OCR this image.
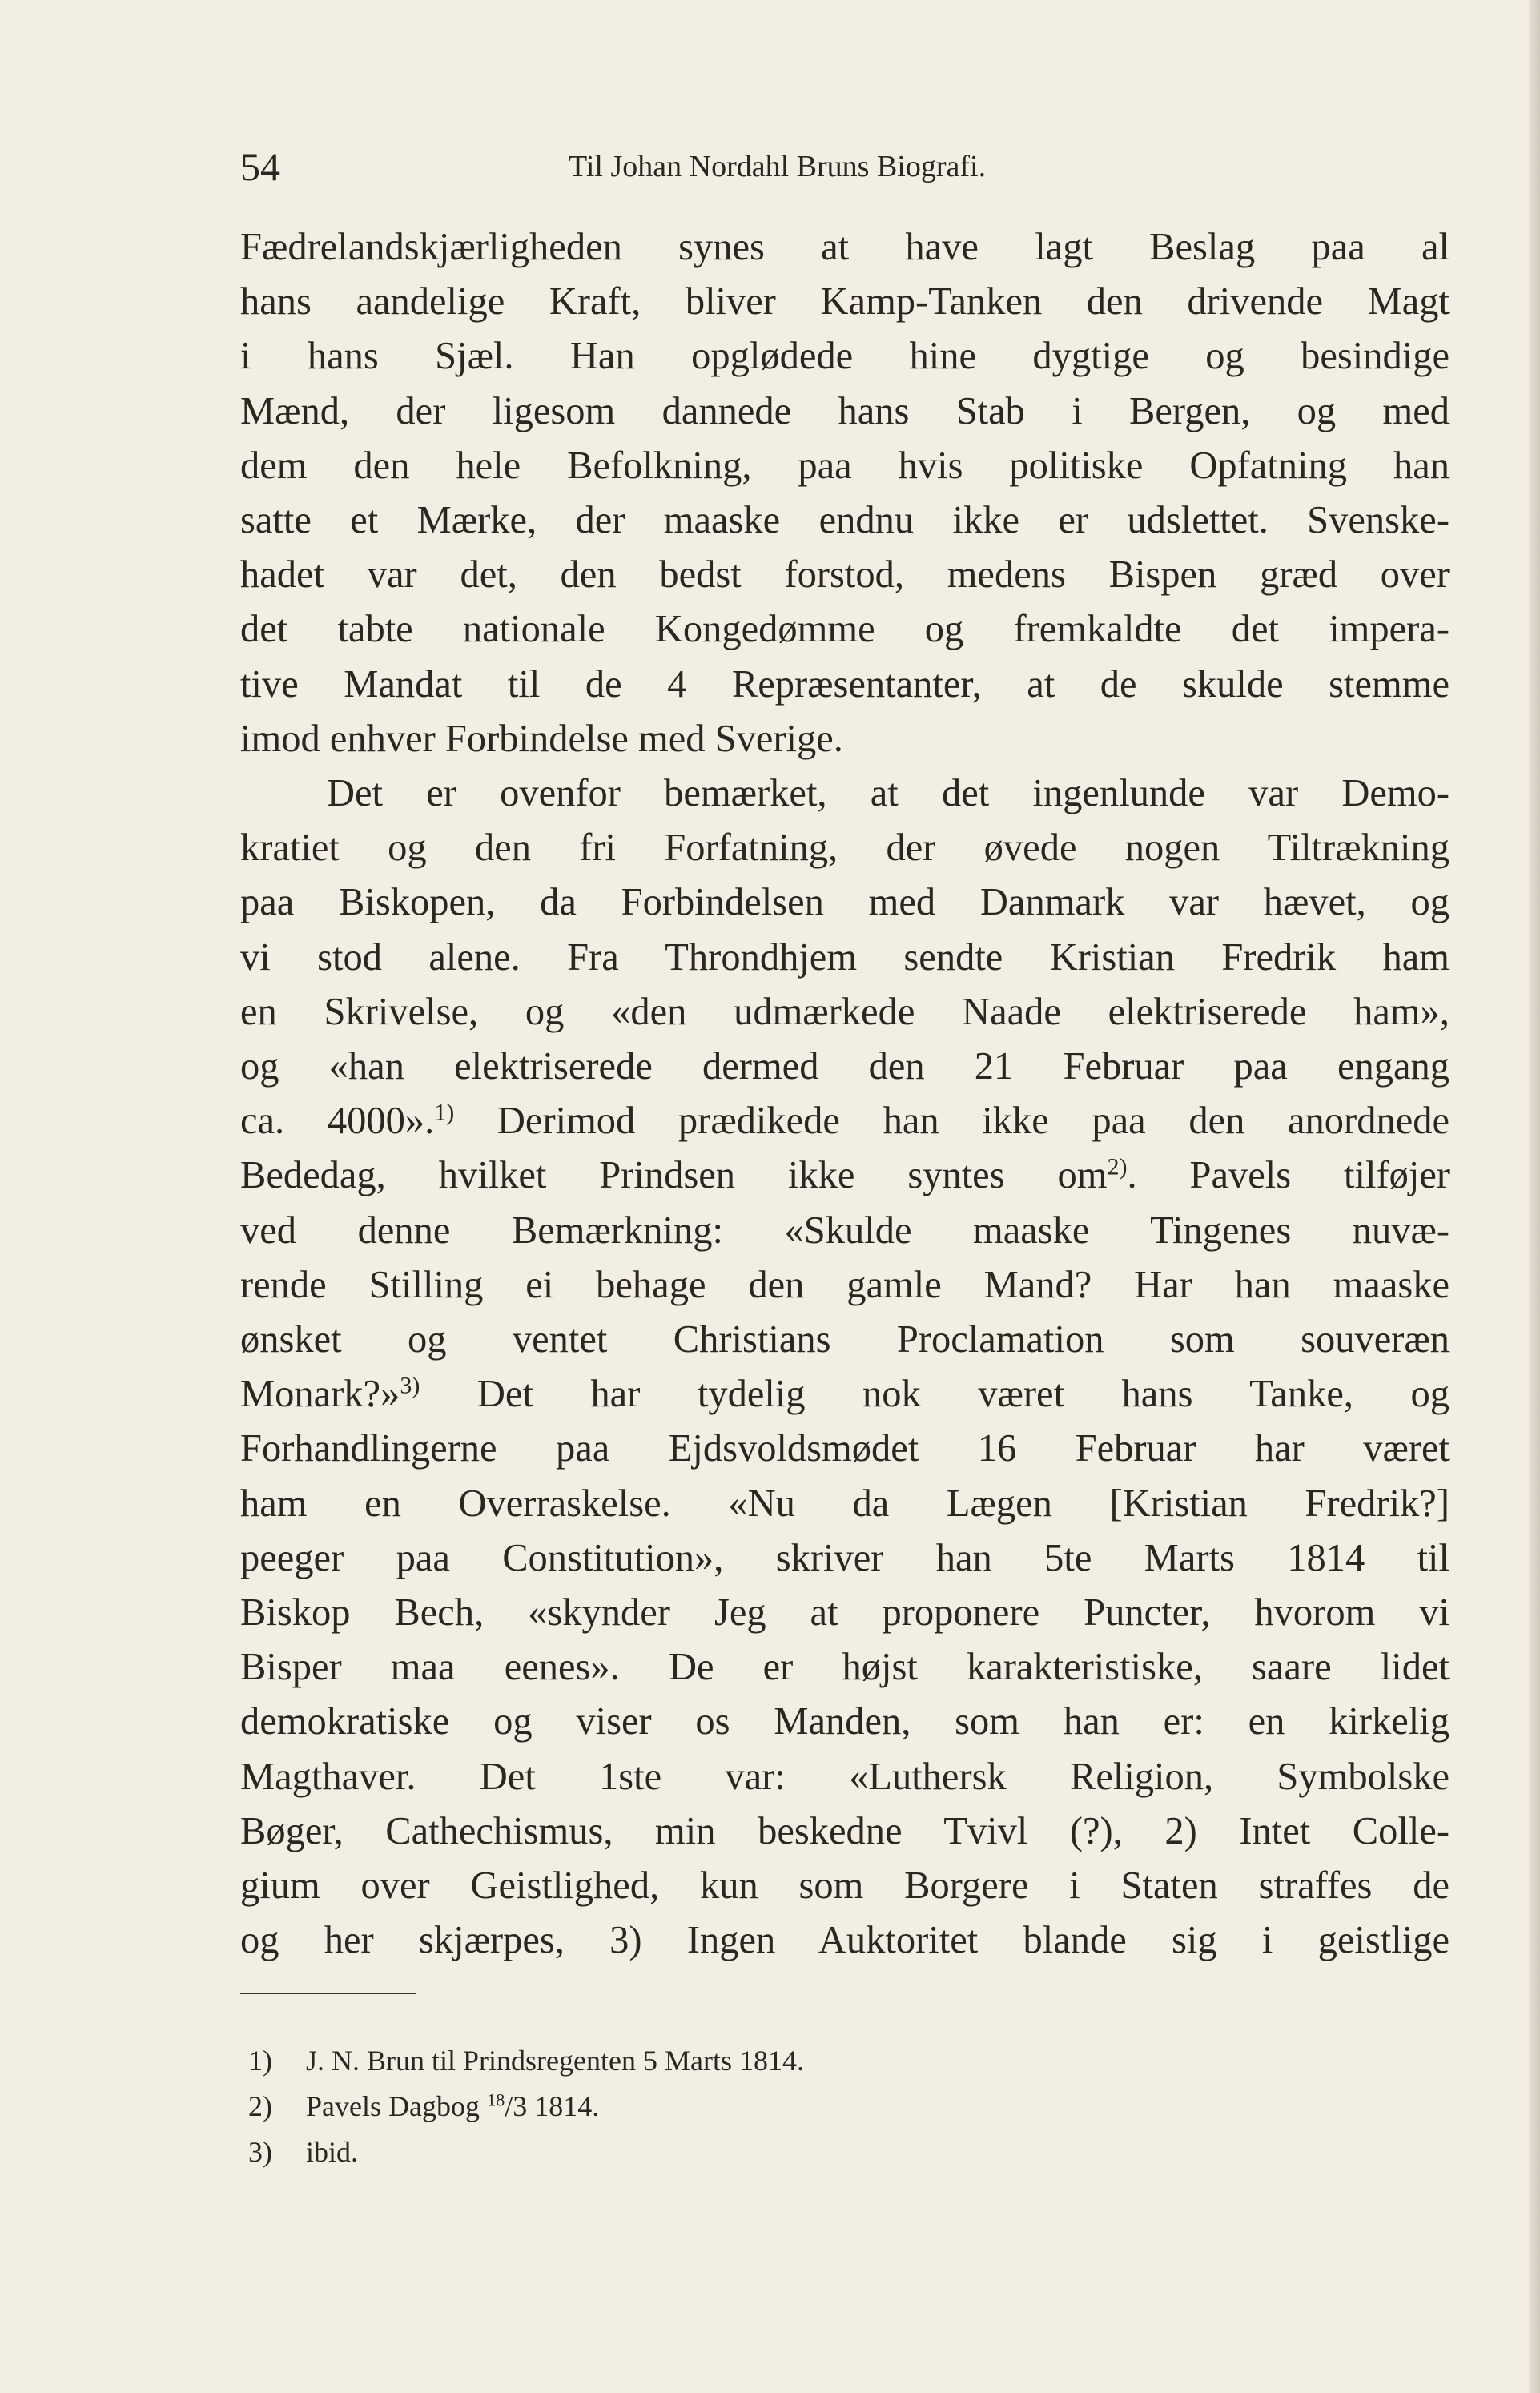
54	Til Johan Nordahl Bruns Biografi.
Fædrelandskjærligheden synes at have lagt Beslag paa al
hans aandelige Kraft, bliver Kamp-Tanken den drivende Magt
i hans Sjæl. Han opglødede hine dygtige og besindige
Mænd, der ligesom dannede hans Stab i Bergen, og med
dem den hele Befolkning, paa hvis politiske Opfatning han
satte et Mærke, der maaske endnu ikke er udslettet. Svenske-
hadet var det, den bedst forstod, medens Bispen græd over
det tabte nationale Kongedømme og fremkaldte det impera-
tive Mandat til de 4 Repræsentanter, at de skulde stemme
imod enhver Forbindelse med Sverige.
Det er ovenfor bemærket, at det ingenlunde var Demo-
kratiet og den fri Forfatning, der øvede nogen Tiltrækning
paa Biskopen, da Forbindelsen med Danmark var hævet, og
vi stod alene. Fra Throndhjem sendte Kristian Fredrik ham
en Skrivelse, og «den udmærkede Naade elektriserede ham»,
og «han elektriserede dermed den 21 Februar paa engang
ca. 4000».$^{1)}$ Derimod prædikede han ikke paa den anordnede
Bededag, hvilket Prindsen ikke syntes $om^{2)}$. Pavels tilføjer
ved denne Bemærkning: «Skulde maaske Tingenes nuvæ-
rende Stilling ei behage den gamle Mand? Har han maaske
ønsket og ventet Christians Proclamation som souveræn
Monark?»$^{3)}$ Det har tydelig nok været hans Tanke, og
Forhandlingerne paa Ejdsvoldsmødet 16 Februar har været
ham en Overraskelse. «Nu da Lægen [Kristian Fredrik?]
peeger paa Constitution», skriver han 5te Marts 1814 til
Biskop Bech, «skynder Jeg at proponere Puncter, hvorom vi
Bisper maa eenes». De er højst karakteristiske, saare lidet
demokratiske og viser os Manden, som han er: en kirkelig
Magthaver. Det 1ste var: «Luthersk Religion, Symbolske
Bøger, Cathechismus, min beskedne Tvivl (?), 2) Intet Colle-
gium over Geistlighed, kun som Borgere i Staten straffes de
og her skjærpes, 3) Ingen Auktoritet blande sig i geistlige
1) J. N. Brun til Prindsregenten 5 Marts 1814.
2) Pavels Dagbog $^{18}$/3 1814.
3) ibid.
